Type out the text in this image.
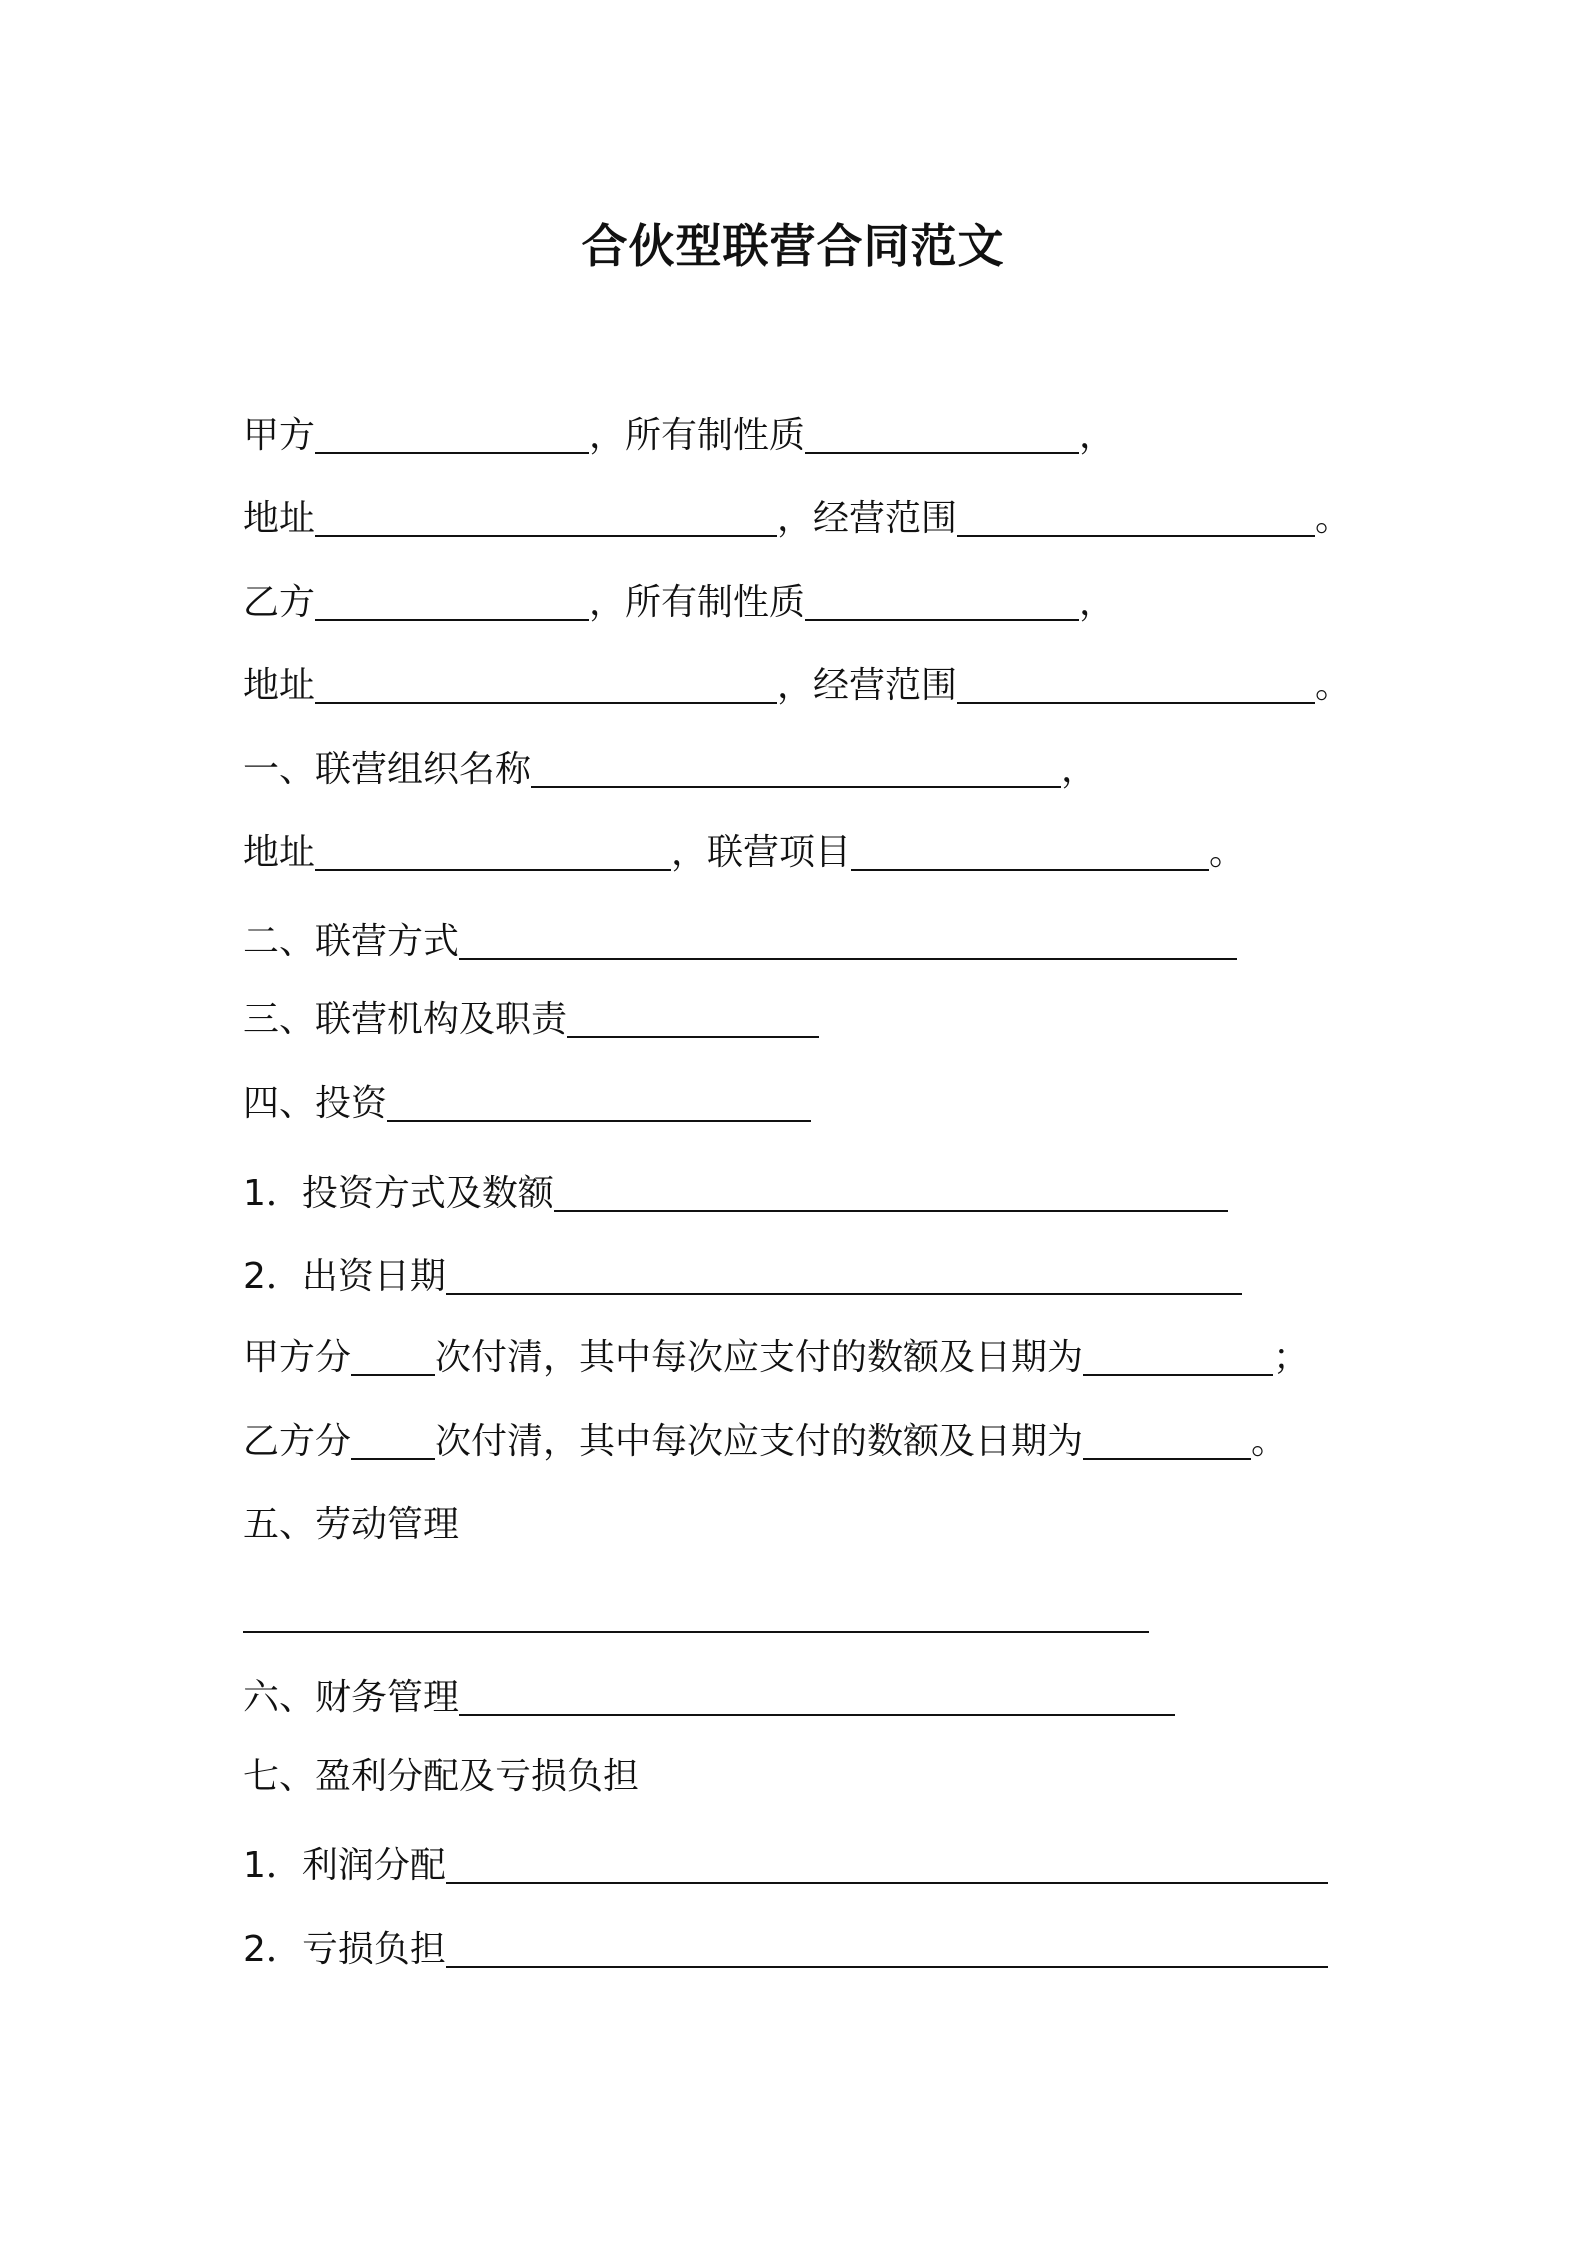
合伙型联营合同范文
甲方	，所有制性质	，
地址	，经营范围	。
乙方	，所有制性质	，
地址	，经营范围	。
一、联营组织名称	，
地址	，联营项目	。
二、联营方式
三、联营机构及职责
四、投资
1．投资方式及数额
2．出资日期
甲方分 次付清，其中每次应支付的数额及日期为	；
乙方分 次付清，其中每次应支付的数额及日期为	。
五、劳动管理
六、财务管理
七、盈利分配及亏损负担
1．利润分配
2．亏损负担
